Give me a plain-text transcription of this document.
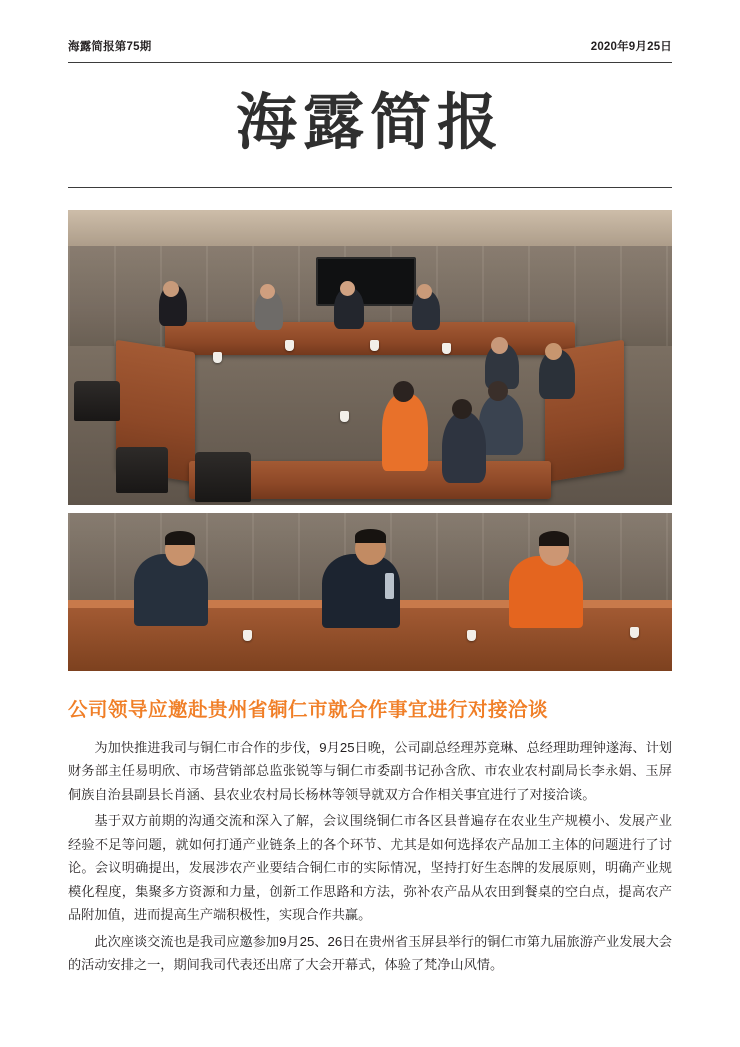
海露简报第75期	2020年9月25日
海露简报
公司领导应邀赴贵州省铜仁市就合作事宜进行对接洽谈

为加快推进我司与铜仁市合作的步伐，9月25日晚，公司副总经理苏竟琳、总经理助理钟遂海、计划财务部主任易明欣、市场营销部总监张锐等与铜仁市委副书记孙含欣、市农业农村副局长李永娟、玉屏侗族自治县副县长肖涵、县农业农村局长杨林等领导就双方合作相关事宜进行了对接洽谈。

基于双方前期的沟通交流和深入了解，会议围绕铜仁市各区县普遍存在农业生产规模小、发展产业经验不足等问题，就如何打通产业链条上的各个环节、尤其是如何选择农产品加工主体的问题进行了讨论。会议明确提出，发展涉农产业要结合铜仁市的实际情况，坚持打好生态牌的发展原则，明确产业规模化程度，集聚多方资源和力量，创新工作思路和方法，弥补农产品从农田到餐桌的空白点，提高农产品附加值，进而提高生产端积极性，实现合作共赢。

此次座谈交流也是我司应邀参加9月25、26日在贵州省玉屏县举行的铜仁市第九届旅游产业发展大会的活动安排之一，期间我司代表还出席了大会开幕式，体验了梵净山风情。
